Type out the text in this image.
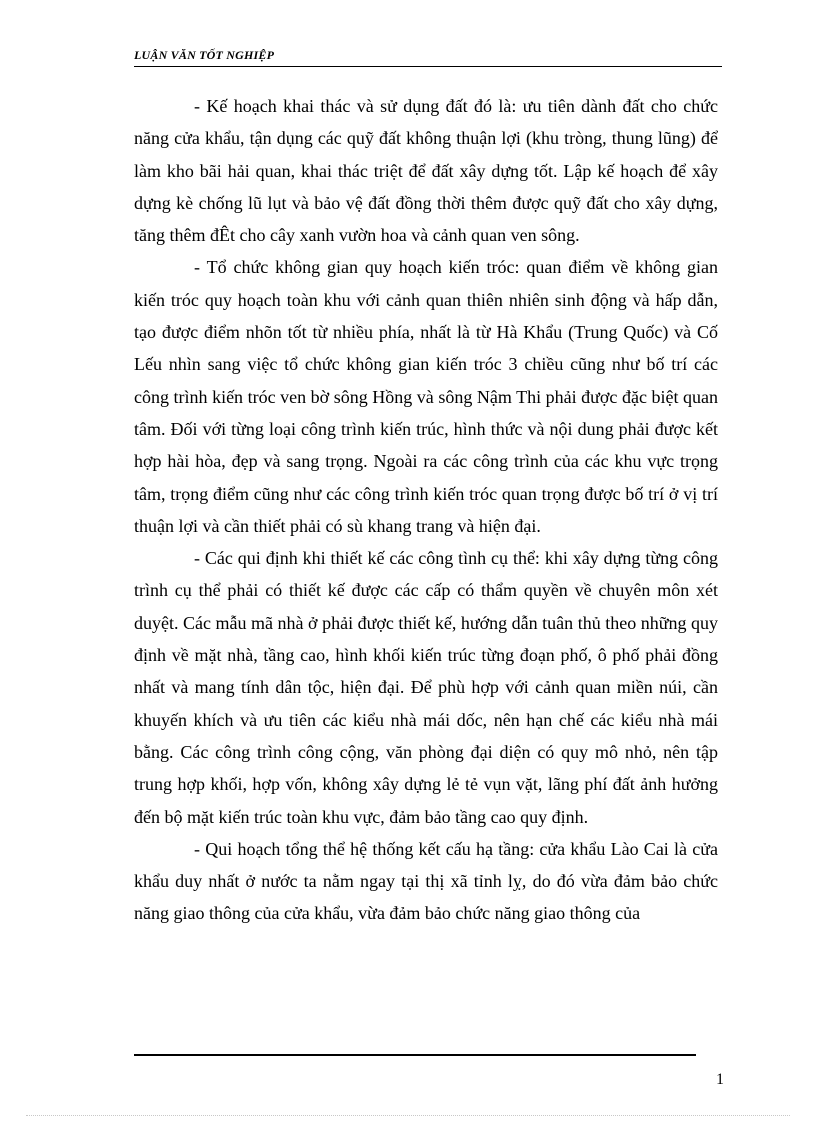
LUẬN VĂN TỐT NGHIỆP

- Kế hoạch khai thác và sử dụng đất đó là: ưu tiên dành đất cho chức năng cửa khẩu, tận dụng các quỹ đất không thuận lợi (khu tròng, thung lũng) để làm kho bãi hải quan, khai thác triệt để đất xây dựng tốt. Lập kế hoạch để xây dựng kè chống lũ lụt và bảo vệ đất đồng thời thêm được quỹ đất cho xây dựng, tăng thêm đÊt cho cây xanh vườn hoa và cảnh quan ven sông.

- Tổ chức không gian quy hoạch kiến tróc: quan điểm về không gian kiến tróc quy hoạch toàn khu với cảnh quan thiên nhiên sinh động và hấp dẫn, tạo được điểm nhõn tốt từ nhiều phía, nhất là từ Hà Khẩu (Trung Quốc) và Cố Lếu nhìn sang việc tổ chức không gian kiến tróc 3 chiều cũng như bố trí các công trình kiến tróc ven bờ sông Hồng và sông Nậm Thi phải được đặc biệt quan tâm. Đối với từng loại công trình kiến trúc, hình thức và nội dung phải được kết hợp hài hòa, đẹp và sang trọng. Ngoài ra các công trình của các khu vực trọng tâm, trọng điểm cũng như các công trình kiến tróc quan trọng được bố trí ở vị trí thuận lợi và cần thiết phải có sù khang trang và hiện đại.

- Các qui định khi thiết kế các công tình cụ thể: khi xây dựng từng công trình cụ thể phải có thiết kế được các cấp có thẩm quyền về chuyên môn xét duyệt. Các mẫu mã nhà ở phải được thiết kế, hướng dẫn tuân thủ theo những quy định về mặt nhà, tầng cao, hình khối kiến trúc từng đoạn phố, ô phố phải đồng nhất và mang tính dân tộc, hiện đại. Để phù hợp với cảnh quan miền núi, cần khuyến khích và ưu tiên các kiểu nhà mái dốc, nên hạn chế các kiểu nhà mái bằng. Các công trình công cộng, văn phòng đại diện có quy mô nhỏ, nên tập trung hợp khối, hợp vốn, không xây dựng lẻ tẻ vụn vặt, lãng phí đất ảnh hưởng đến bộ mặt kiến trúc toàn khu vực, đảm bảo tầng cao quy định.

- Qui hoạch tổng thể hệ thống kết cấu hạ tầng: cửa khẩu Lào Cai là cửa khẩu duy nhất ở nước ta nằm ngay tại thị xã tỉnh lỵ, do đó vừa đảm bảo chức năng giao thông của cửa khẩu, vừa đảm bảo chức năng giao thông của

1
